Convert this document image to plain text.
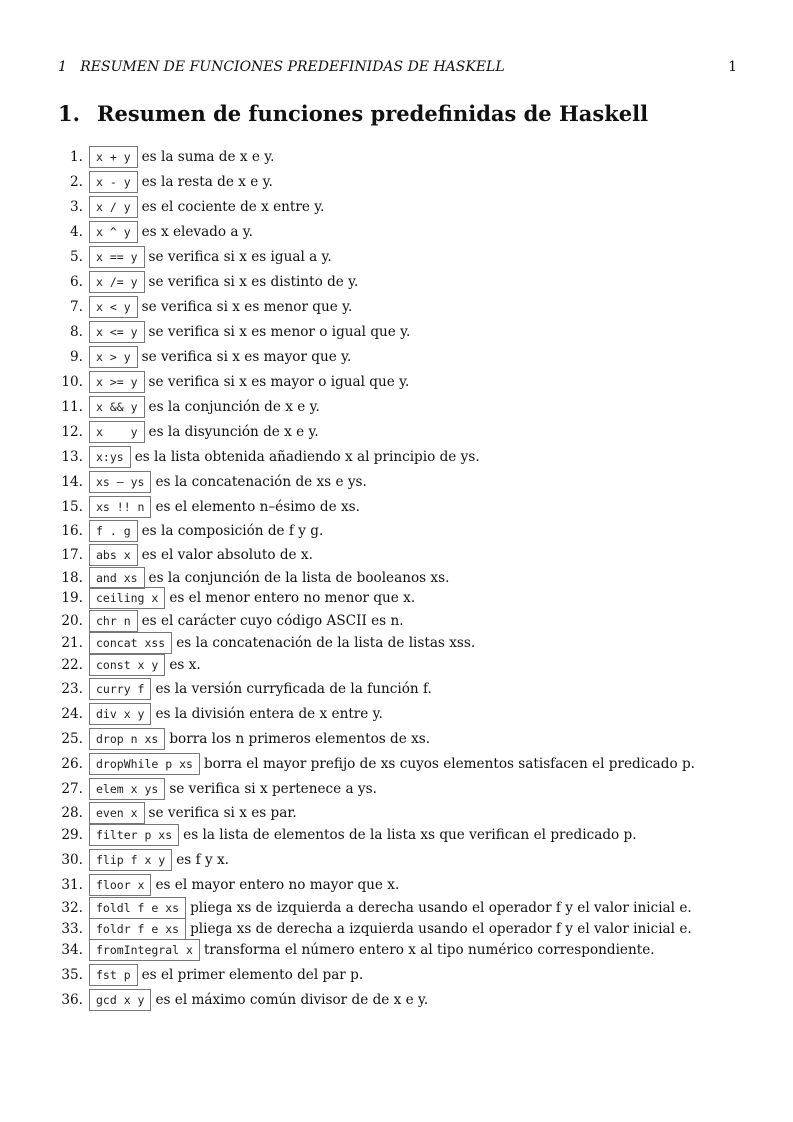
1   RESUMEN DE FUNCIONES PREDEFINIDAS DE HASKELL	1
1. Resumen de funciones predefinidas de Haskell
1.	x + y es la suma de x e y.
2.	x - y es la resta de x e y.
3.	x / y es el cociente de x entre y.
4.	x ^ y es x elevado a y.
5.	x == y se verifica si x es igual a y.
6.	x /= y se verifica si x es distinto de y.
7.	x < y se verifica si x es menor que y.
8.	x <= y se verifica si x es menor o igual que y.
9.	x > y se verifica si x es mayor que y.
10.	x >= y se verifica si x es mayor o igual que y.
11.	x && y es la conjunción de x e y.
12.	x    y es la disyunción de x e y.
13.	x:ys es la lista obtenida añadiendo x al principio de ys.
14.	xs — ys es la concatenación de xs e ys.
15.	xs !! n es el elemento n–ésimo de xs.
16.	f . g es la composición de f y g.
17.	abs x es el valor absoluto de x.
18.	and xs es la conjunción de la lista de booleanos xs.
19.	ceiling x es el menor entero no menor que x.
20.	chr n es el carácter cuyo código ASCII es n.
21.	concat xss es la concatenación de la lista de listas xss.
22.	const x y es x.
23.	curry f es la versión curryficada de la función f.
24.	div x y es la división entera de x entre y.
25.	drop n xs borra los n primeros elementos de xs.
26.	dropWhile p xs borra el mayor prefijo de xs cuyos elementos satisfacen el predicado p.
27.	elem x ys se verifica si x pertenece a ys.
28.	even x se verifica si x es par.
29.	filter p xs es la lista de elementos de la lista xs que verifican el predicado p.
30.	flip f x y es f y x.
31.	floor x es el mayor entero no mayor que x.
32.	foldl f e xs pliega xs de izquierda a derecha usando el operador f y el valor inicial e.
33.	foldr f e xs pliega xs de derecha a izquierda usando el operador f y el valor inicial e.
34.	fromIntegral x transforma el número entero x al tipo numérico correspondiente.
35.	fst p es el primer elemento del par p.
36.	gcd x y es el máximo común divisor de de x e y.
